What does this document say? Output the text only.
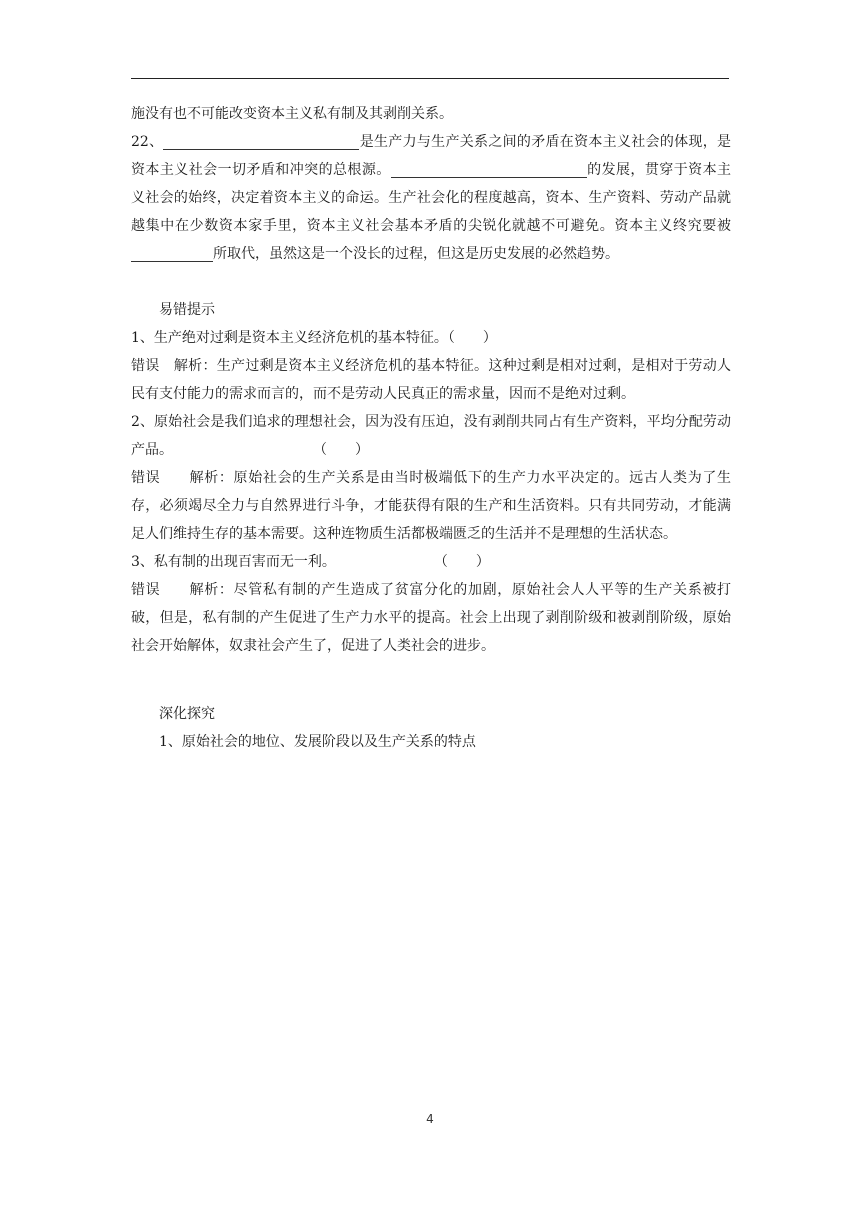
施没有也不可能改变资本主义私有制及其剥削关系。

22、	是生产力与生产关系之间的矛盾在资本主义社会的体现，是资本主义社会一切矛盾和冲突的总根源。	的发展，贯穿于资本主义社会的始终，决定着资本主义的命运。生产社会化的程度越高，资本、生产资料、劳动产品就越集中在少数资本家手里，资本主义社会基本矛盾的尖锐化就越不可避免。资本主义终究要被所取代，虽然这是一个没长的过程，但这是历史发展的必然趋势。

易错提示

1、生产绝对过剩是资本主义经济危机的基本特征。（　　）

错误　解析：生产过剩是资本主义经济危机的基本特征。这种过剩是相对过剩，是相对于劳动人民有支付能力的需求而言的，而不是劳动人民真正的需求量，因而不是绝对过剩。

2、原始社会是我们追求的理想社会，因为没有压迫，没有剥削共同占有生产资料，平均分配劳动产品。　　　　　　　　　　　（　　）

错误　　解析：原始社会的生产关系是由当时极端低下的生产力水平决定的。远古人类为了生存，必须竭尽全力与自然界进行斗争，才能获得有限的生产和生活资料。只有共同劳动，才能满足人们维持生存的基本需要。这种连物质生活都极端匮乏的生活并不是理想的生活状态。

3、私有制的出现百害而无一利。　　　　　　　　（　　）

错误　　解析：尽管私有制的产生造成了贫富分化的加剧，原始社会人人平等的生产关系被打破，但是，私有制的产生促进了生产力水平的提高。社会上出现了剥削阶级和被剥削阶级，原始社会开始解体，奴隶社会产生了，促进了人类社会的进步。

深化探究

1、原始社会的地位、发展阶段以及生产关系的特点

4
